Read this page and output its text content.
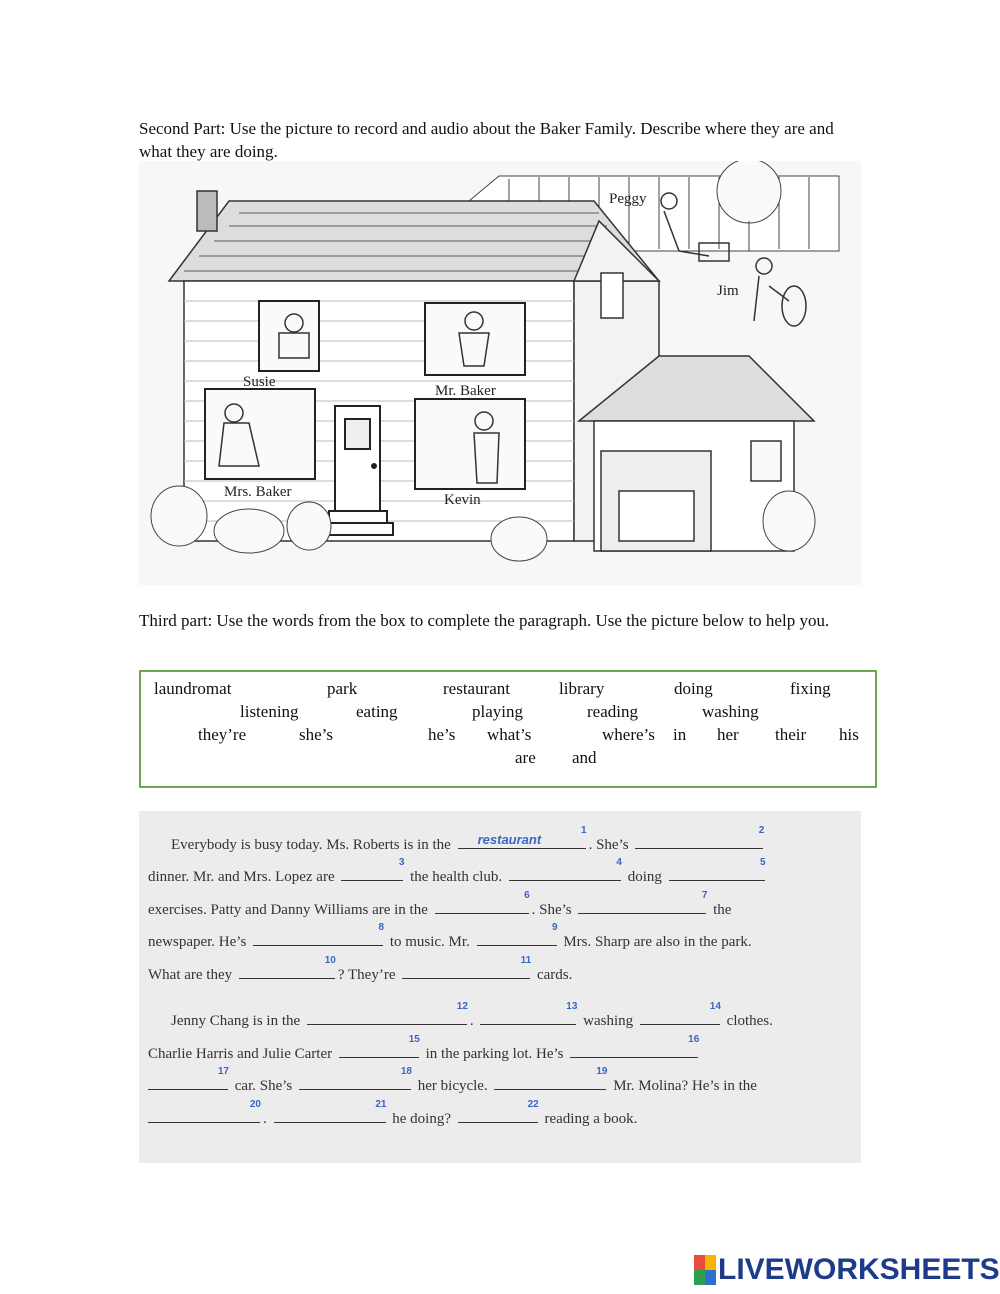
Second Part: Use the picture to record and audio about the Baker Family. Describe where they are and what they are doing.
Peggy
Jim
Susie
Mr. Baker
Mrs. Baker	Kevin
Third part: Use the words from the box to complete the paragraph. Use the picture below to help you.
laundromat	park	restaurant	library	doing	fixing
listening	eating	playing	reading	washing
they’re	she’s	he’s what’s	where’s in her their his
are and
Everybody is busy today. Ms. Roberts is in the restaurant
1
. She’s
2
dinner. Mr. and Mrs. Lopez are
3
the health club.
4
doing
5
exercises. Patty and Danny Williams are in the
6
. She’s
7
the
newspaper. He’s
8
to music. Mr.
9
Mrs. Sharp are also in the park.
What are they
10
? They’re
11
cards.
Jenny Chang is in the
12
.
13
washing
14
clothes.
Charlie Harris and Julie Carter
15
in the parking lot. He’s
16
17
car. She’s
18
her bicycle.
19
Mr. Molina? He’s in the
20
.
21
he doing?
22
reading a book.
LIVEWORKSHEETS
